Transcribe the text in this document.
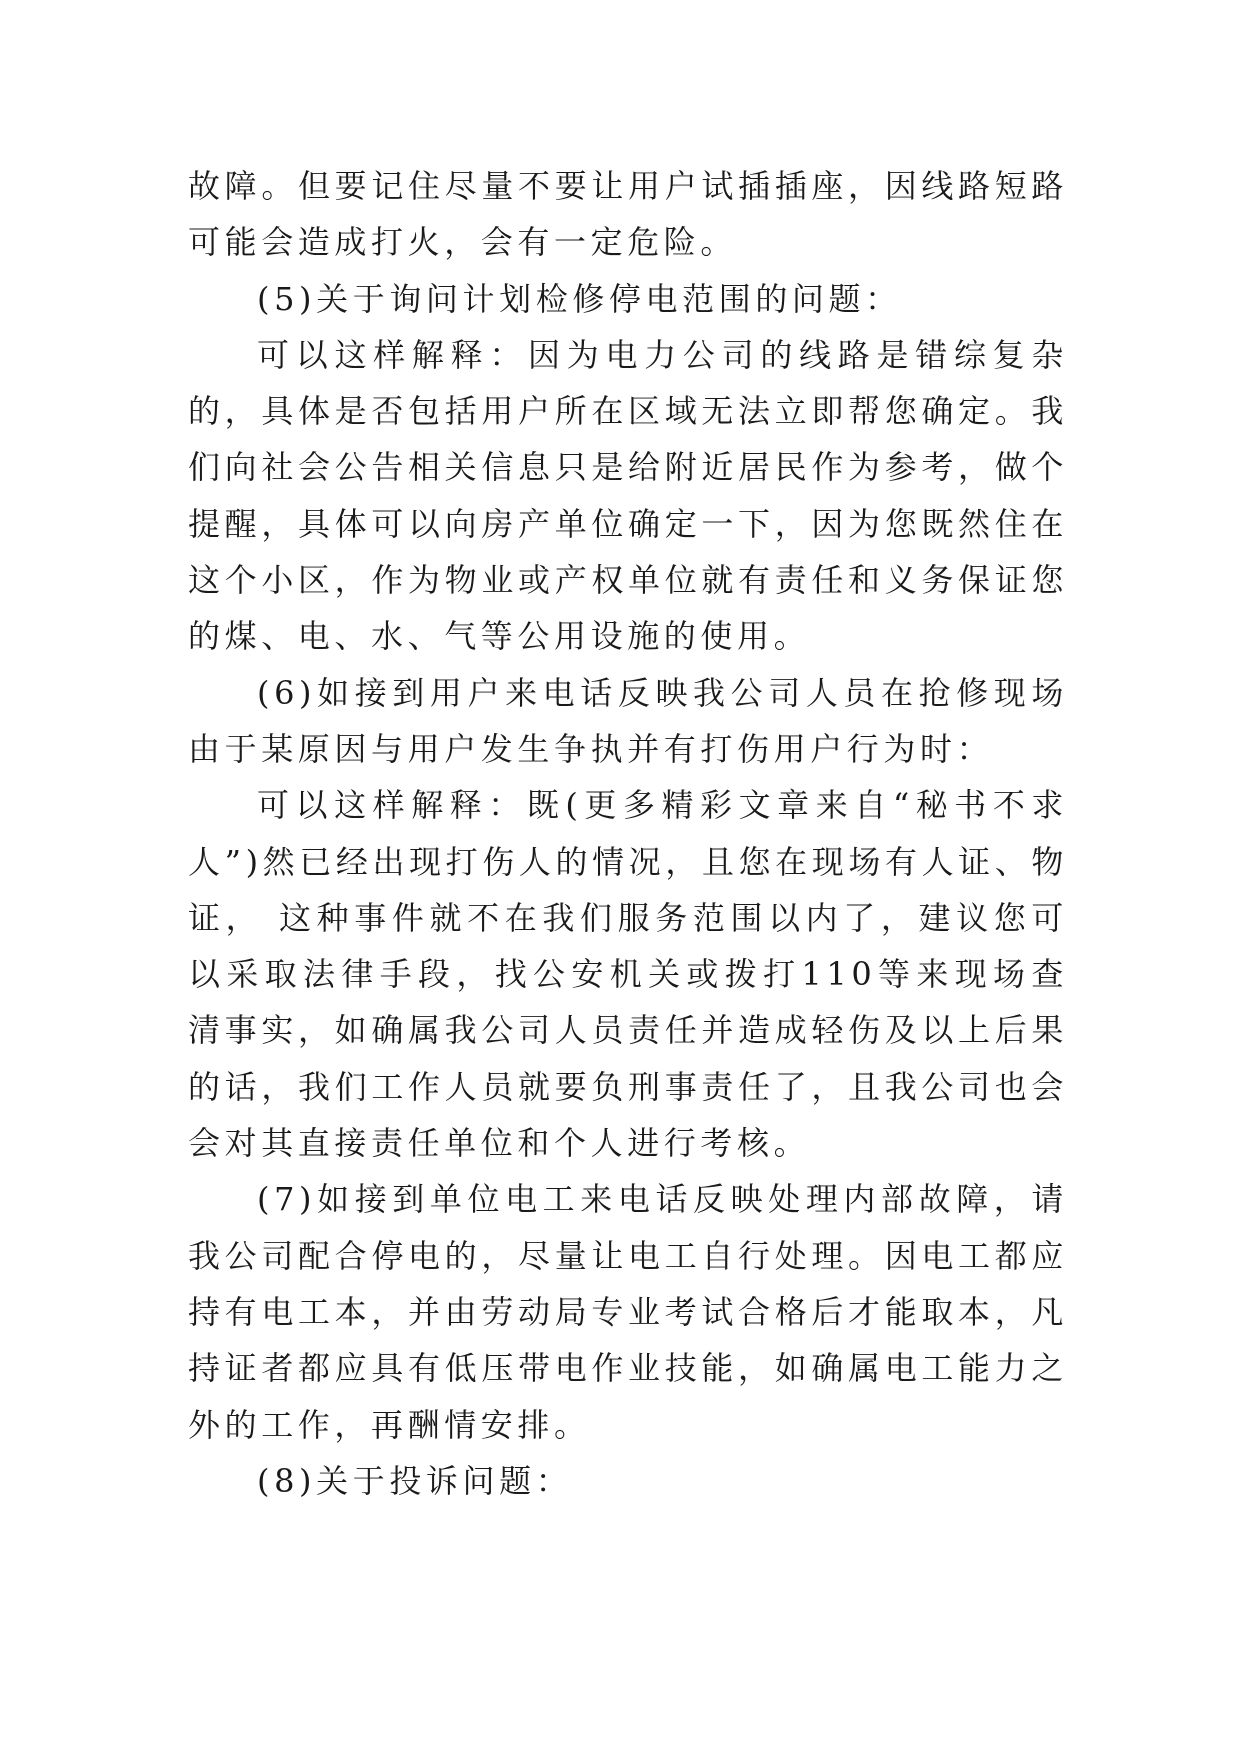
故障。但要记住尽量不要让用户试插插座，因线路短路可能会造成打火，会有一定危险。

(5)关于询问计划检修停电范围的问题：

可以这样解释：因为电力公司的线路是错综复杂的，具体是否包括用户所在区域无法立即帮您确定。我们向社会公告相关信息只是给附近居民作为参考，做个提醒，具体可以向房产单位确定一下，因为您既然住在这个小区，作为物业或产权单位就有责任和义务保证您的煤、电、水、气等公用设施的使用。

(6)如接到用户来电话反映我公司人员在抢修现场由于某原因与用户发生争执并有打伤用户行为时：

可以这样解释：既(更多精彩文章来自“秘书不求人”)然已经出现打伤人的情况，且您在现场有人证、物证， 这种事件就不在我们服务范围以内了，建议您可以采取法律手段，找公安机关或拨打110等来现场查清事实，如确属我公司人员责任并造成轻伤及以上后果的话，我们工作人员就要负刑事责任了，且我公司也会会对其直接责任单位和个人进行考核。

(7)如接到单位电工来电话反映处理内部故障，请我公司配合停电的，尽量让电工自行处理。因电工都应持有电工本，并由劳动局专业考试合格后才能取本，凡持证者都应具有低压带电作业技能，如确属电工能力之外的工作，再酬情安排。

(8)关于投诉问题：
